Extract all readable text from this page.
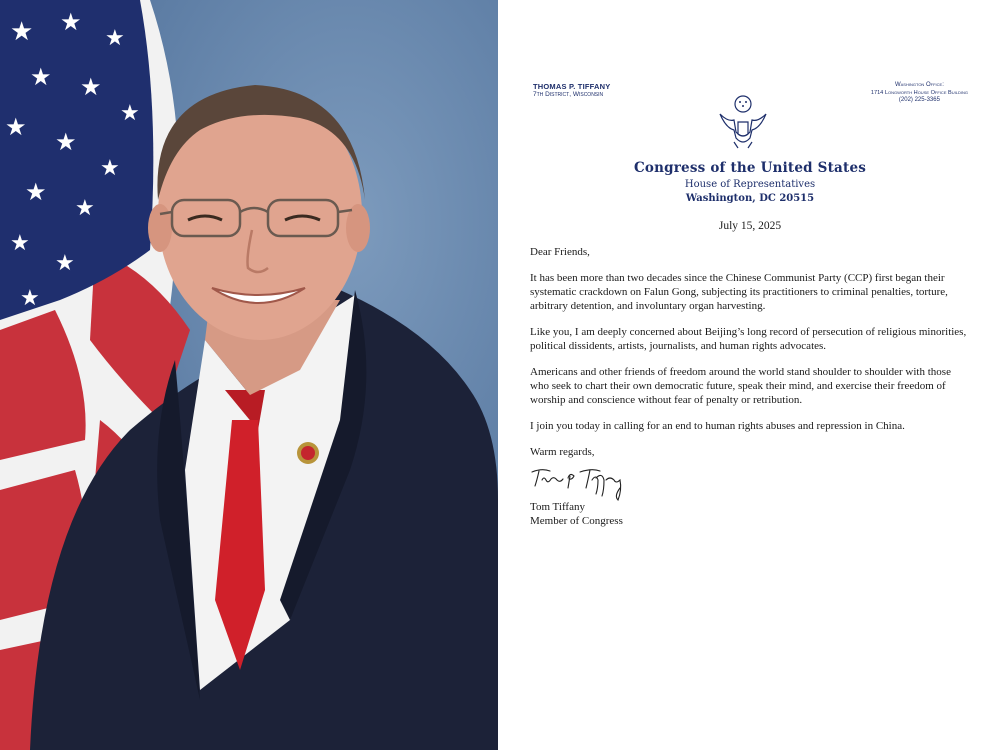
★ ★
★
★ ★
★
★
★
★
★
★
★
★
★
THOMAS P. TIFFANY
7th District, Wisconsin
Washington Office:
1714 Longworth House Office Building
(202) 225-3365
Congress of the United States
House of Representatives
Washington, DC 20515
July 15, 2025

Dear Friends,

It has been more than two decades since the Chinese Communist Party (CCP) first began their systematic crackdown on Falun Gong, subjecting its practitioners to criminal penalties, torture, arbitrary detention, and involuntary organ harvesting.

Like you, I am deeply concerned about Beijing’s long record of persecution of religious minorities, political dissidents, artists, journalists, and human rights advocates.

Americans and other friends of freedom around the world stand shoulder to shoulder with those who seek to chart their own democratic future, speak their mind, and exercise their freedom of worship and conscience without fear of penalty or retribution.

I join you today in calling for an end to human rights abuses and repression in China.

Warm regards,

Tom Tiffany
Member of Congress
